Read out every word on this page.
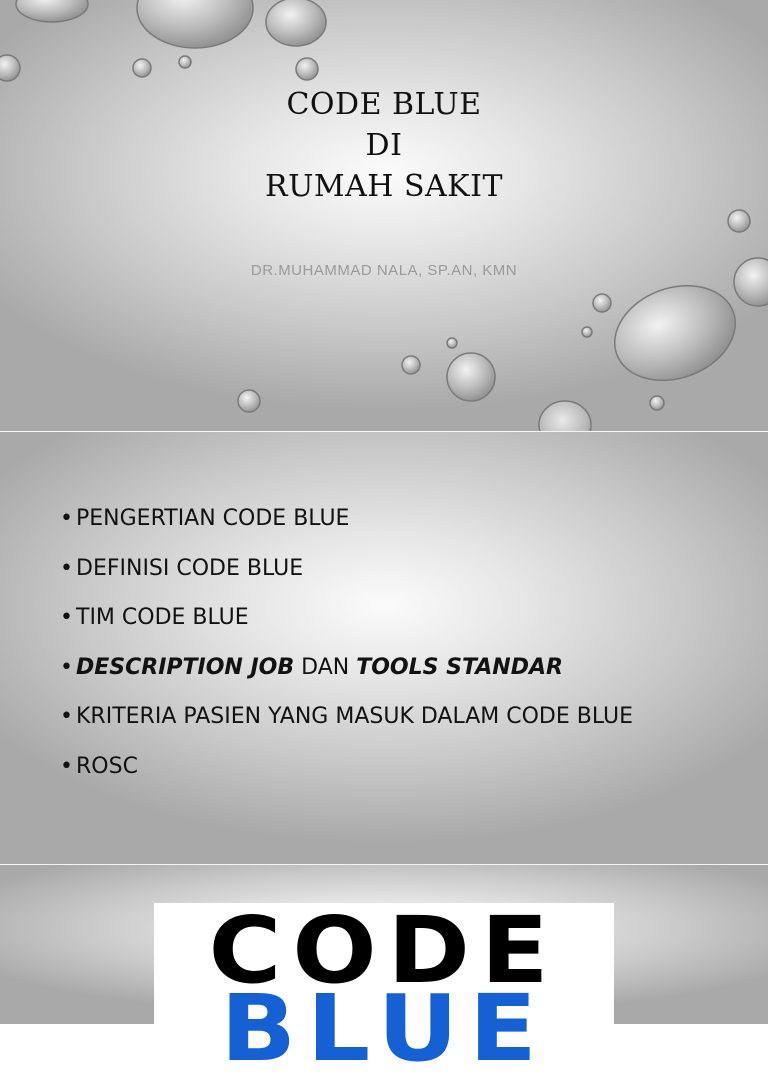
CODE BLUE
DI
RUMAH SAKIT
DR.MUHAMMAD NALA, SP.AN, KMN
• PENGERTIAN CODE BLUE
• DEFINISI CODE BLUE
• TIM CODE BLUE
• DESCRIPTION JOB DAN TOOLS STANDAR
• KRITERIA PASIEN YANG MASUK DALAM CODE BLUE
• ROSC
CODE
BLUE
